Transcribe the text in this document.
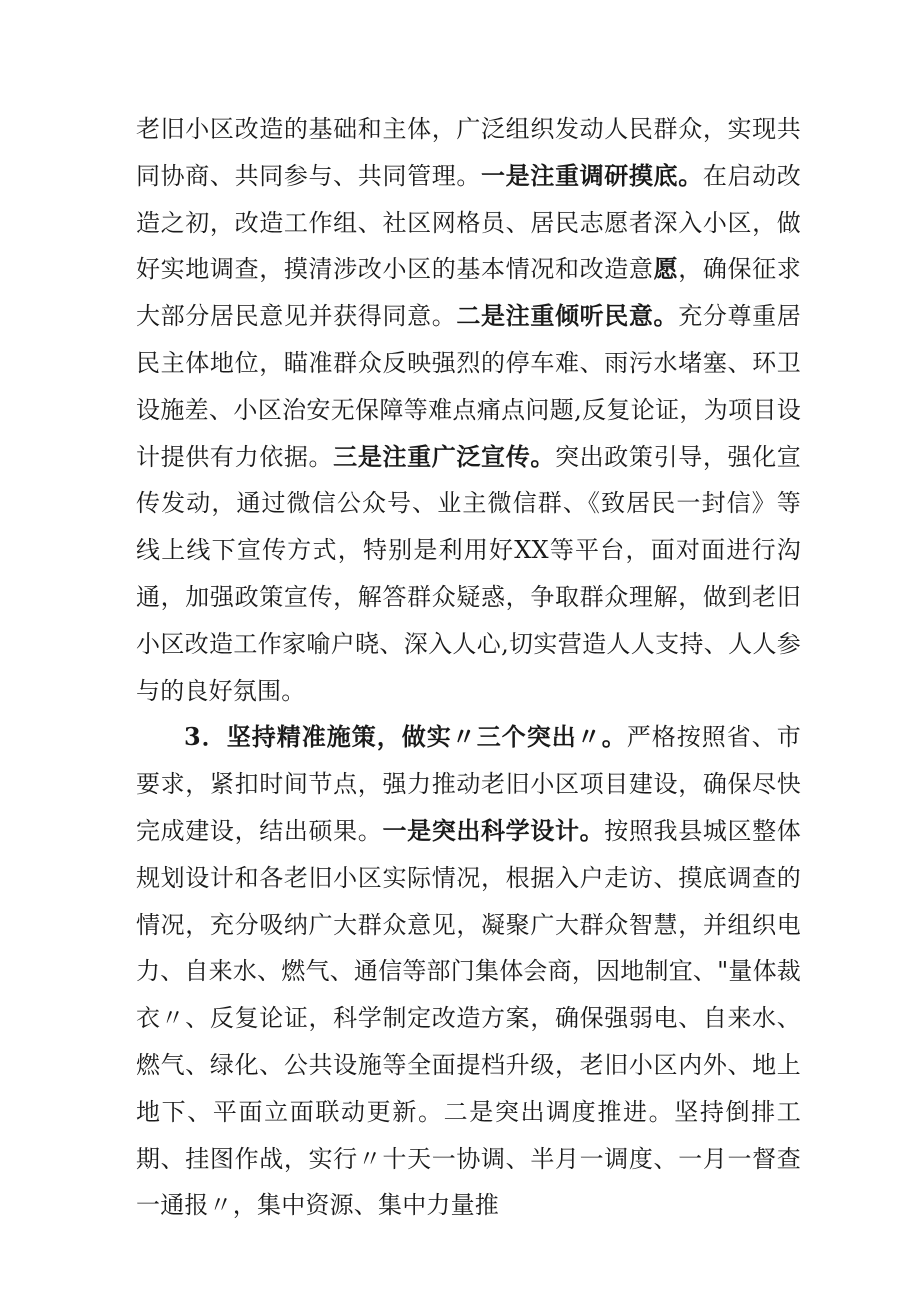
老旧小区改造的基础和主体，广泛组织发动人民群众，实现共同协商、共同参与、共同管理。一是注重调研摸底。在启动改造之初，改造工作组、社区网格员、居民志愿者深入小区，做好实地调查，摸清涉改小区的基本情况和改造意愿，确保征求大部分居民意见并获得同意。二是注重倾听民意。充分尊重居民主体地位，瞄准群众反映强烈的停车难、雨污水堵塞、环卫设施差、小区治安无保障等难点痛点问题,反复论证，为项目设计提供有力依据。三是注重广泛宣传。突出政策引导，强化宣传发动，通过微信公众号、业主微信群、《致居民一封信》等线上线下宣传方式，特别是利用好XX等平台，面对面进行沟通，加强政策宣传，解答群众疑惑，争取群众理解，做到老旧小区改造工作家喻户晓、深入人心,切实营造人人支持、人人参与的良好氛围。

3．坚持精准施策，做实〃三个突出〃。严格按照省、市要求，紧扣时间节点，强力推动老旧小区项目建设，确保尽快完成建设，结出硕果。一是突出科学设计。按照我县城区整体规划设计和各老旧小区实际情况，根据入户走访、摸底调查的情况，充分吸纳广大群众意见，凝聚广大群众智慧，并组织电力、自来水、燃气、通信等部门集体会商，因地制宜、"量体裁衣〃、反复论证，科学制定改造方案，确保强弱电、自来水、燃气、绿化、公共设施等全面提档升级，老旧小区内外、地上地下、平面立面联动更新。二是突出调度推进。坚持倒排工期、挂图作战，实行〃十天一协调、半月一调度、一月一督查一通报〃，集中资源、集中力量推
